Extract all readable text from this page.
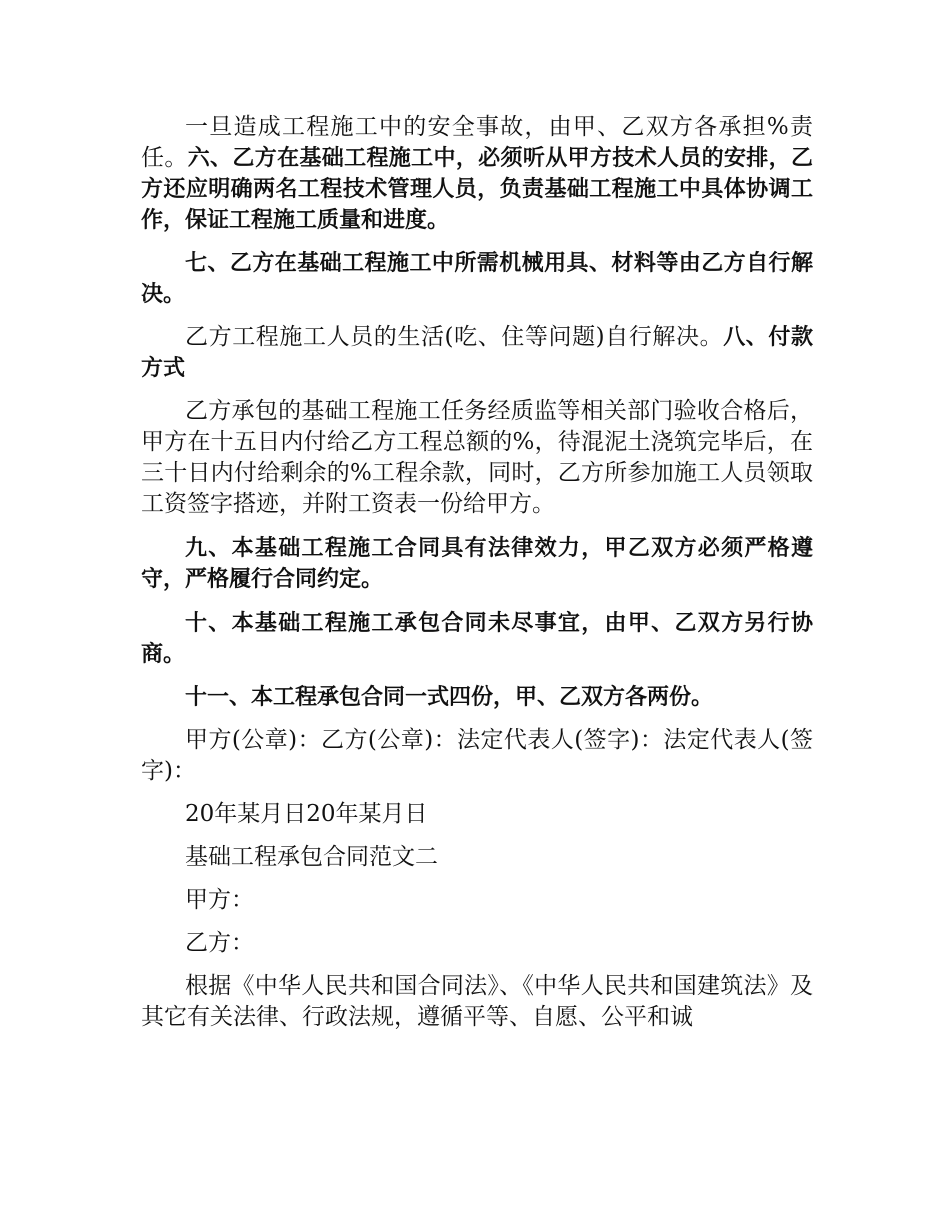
一旦造成工程施工中的安全事故，由甲、乙双方各承担%责任。六、乙方在基础工程施工中，必须听从甲方技术人员的安排，乙方还应明确两名工程技术管理人员，负责基础工程施工中具体协调工作，保证工程施工质量和进度。

七、乙方在基础工程施工中所需机械用具、材料等由乙方自行解决。

乙方工程施工人员的生活(吃、住等问题)自行解决。八、付款方式

乙方承包的基础工程施工任务经质监等相关部门验收合格后，甲方在十五日内付给乙方工程总额的%，待混泥土浇筑完毕后，在三十日内付给剩余的%工程余款，同时，乙方所参加施工人员领取工资签字搭迹，并附工资表一份给甲方。

九、本基础工程施工合同具有法律效力，甲乙双方必须严格遵守，严格履行合同约定。

十、本基础工程施工承包合同未尽事宜，由甲、乙双方另行协商。

十一、本工程承包合同一式四份，甲、乙双方各两份。

甲方(公章)：乙方(公章)：法定代表人(签字)：法定代表人(签字)：

20年某月日20年某月日

基础工程承包合同范文二

甲方：

乙方：

根据《中华人民共和国合同法》、《中华人民共和国建筑法》及其它有关法律、行政法规，遵循平等、自愿、公平和诚
